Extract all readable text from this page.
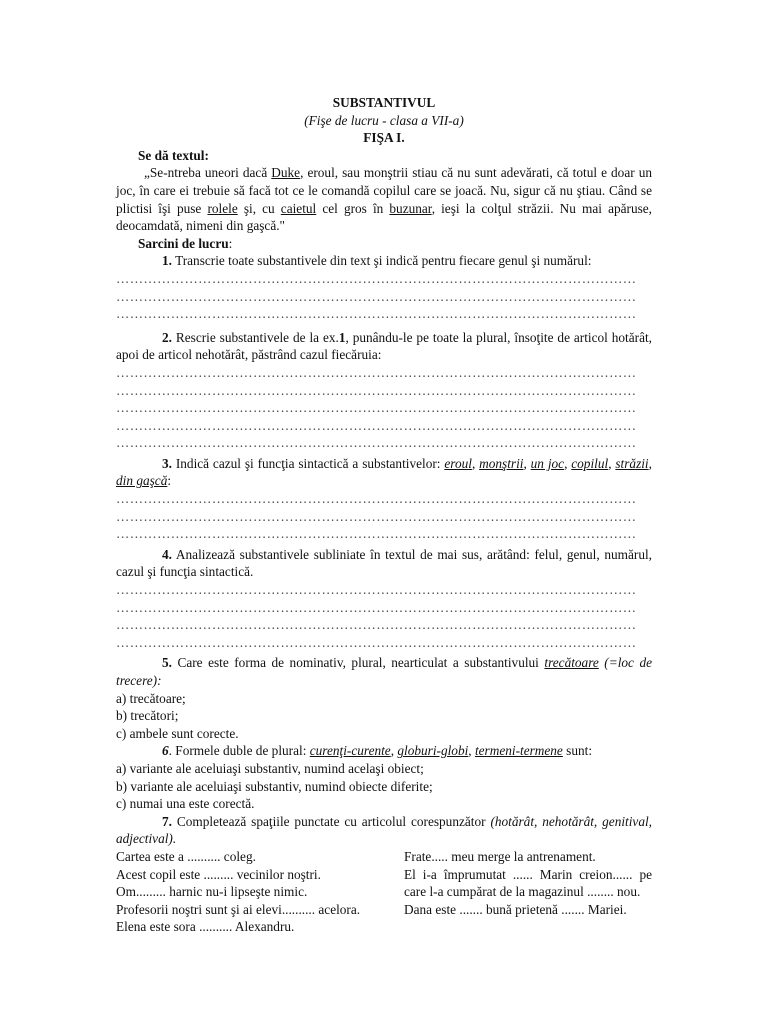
SUBSTANTIVUL
(Fişe de lucru - clasa a VII-a)
FIŞA I.
Se dă textul:
„Se-ntreba uneori dacă Duke, eroul, sau monştrii stiau că nu sunt adevărati, că totul e doar un joc, în care ei trebuie să facă tot ce le comandă copilul care se joacă. Nu, sigur că nu ştiau. Când se plictisi îşi puse rolele şi, cu caietul cel gros în buzunar, ieşi la colţul străzii. Nu mai apăruse, deocamdată, nimeni din gaşcă."
Sarcini de lucru:
1. Transcrie toate substantivele din text şi indică pentru fiecare genul şi numărul:
……………………………………………………………………………………………………
……………………………………………………………………………………………………
……………………………………………………………………………………………………
2. Rescrie substantivele de la ex.1, punându-le pe toate la plural, însoţite de articol hotărât, apoi de articol nehotărât, păstrând cazul fiecăruia:
……………………………………………………………………………………………………
……………………………………………………………………………………………………
……………………………………………………………………………………………………
……………………………………………………………………………………………………
……………………………………………………………………………………………………
3. Indică cazul şi funcţia sintactică a substantivelor: eroul, monştrii, un joc, copilul, străzii, din gaşcă:
……………………………………………………………………………………………………
……………………………………………………………………………………………………
……………………………………………………………………………………………………
4. Analizează substantivele subliniate în textul de mai sus, arătând: felul, genul, numărul, cazul şi funcţia sintactică.
……………………………………………………………………………………………………
……………………………………………………………………………………………………
……………………………………………………………………………………………………
……………………………………………………………………………………………………
5. Care este forma de nominativ, plural, nearticulat a substantivului trecătoare (=loc de trecere):
a) trecătoare;
b) trecători;
c) ambele sunt corecte.
6. Formele duble de plural: curenţi-curente, globuri-globi, termeni-termene sunt:
a) variante ale aceluiaşi substantiv, numind acelaşi obiect;
b) variante ale aceluiaşi substantiv, numind obiecte diferite;
c) numai una este corectă.
7. Completează spaţiile punctate cu articolul corespunzător (hotărât, nehotărât, genitival, adjectival).
Cartea este a .......... coleg.
Acest copil este ......... vecinilor noştri.
Om......... harnic nu-i lipseşte nimic.
Profesorii noştri sunt şi ai elevi.......... acelora.
Elena este sora .......... Alexandru.
Frate..... meu merge la antrenament.
El i-a împrumutat ...... Marin creion...... pe care l-a cumpărat de la magazinul ........ nou.
Dana este ....... bună prietenă ....... Mariei.
